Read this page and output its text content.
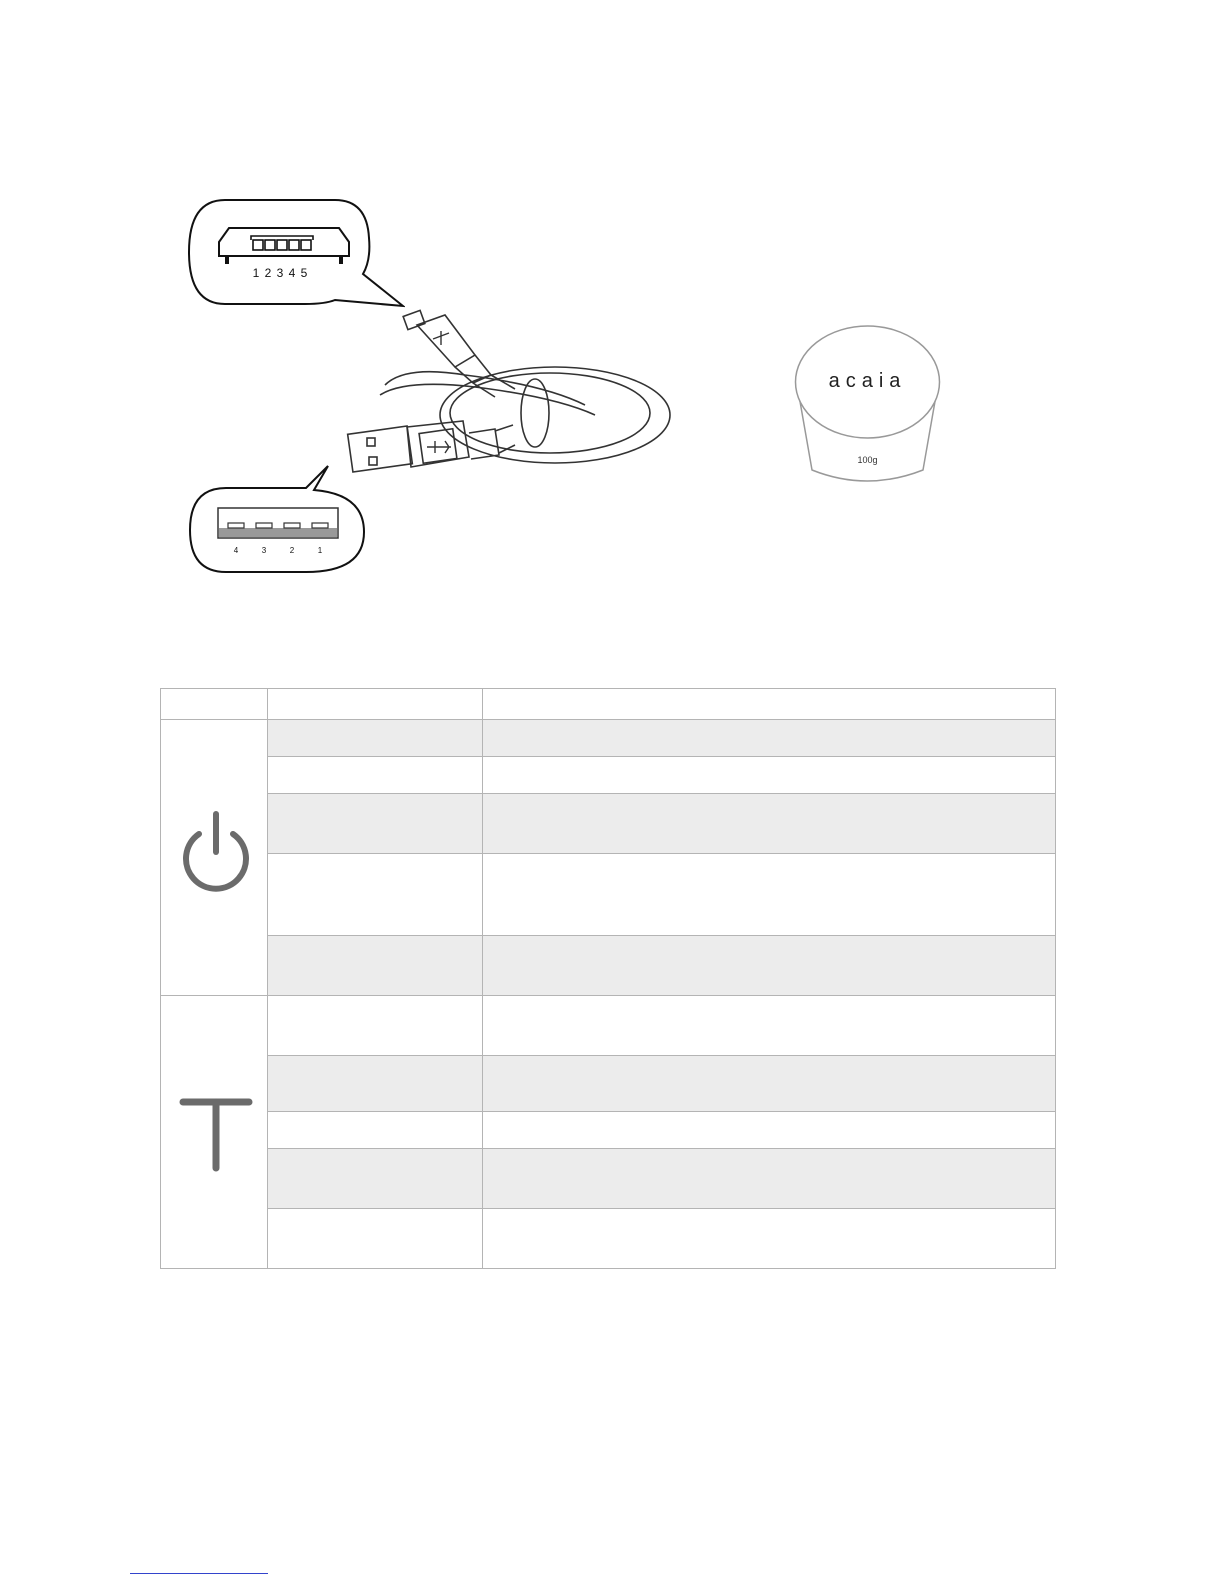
1 2 3 4 5
4	3	2	1
acaia
100g
